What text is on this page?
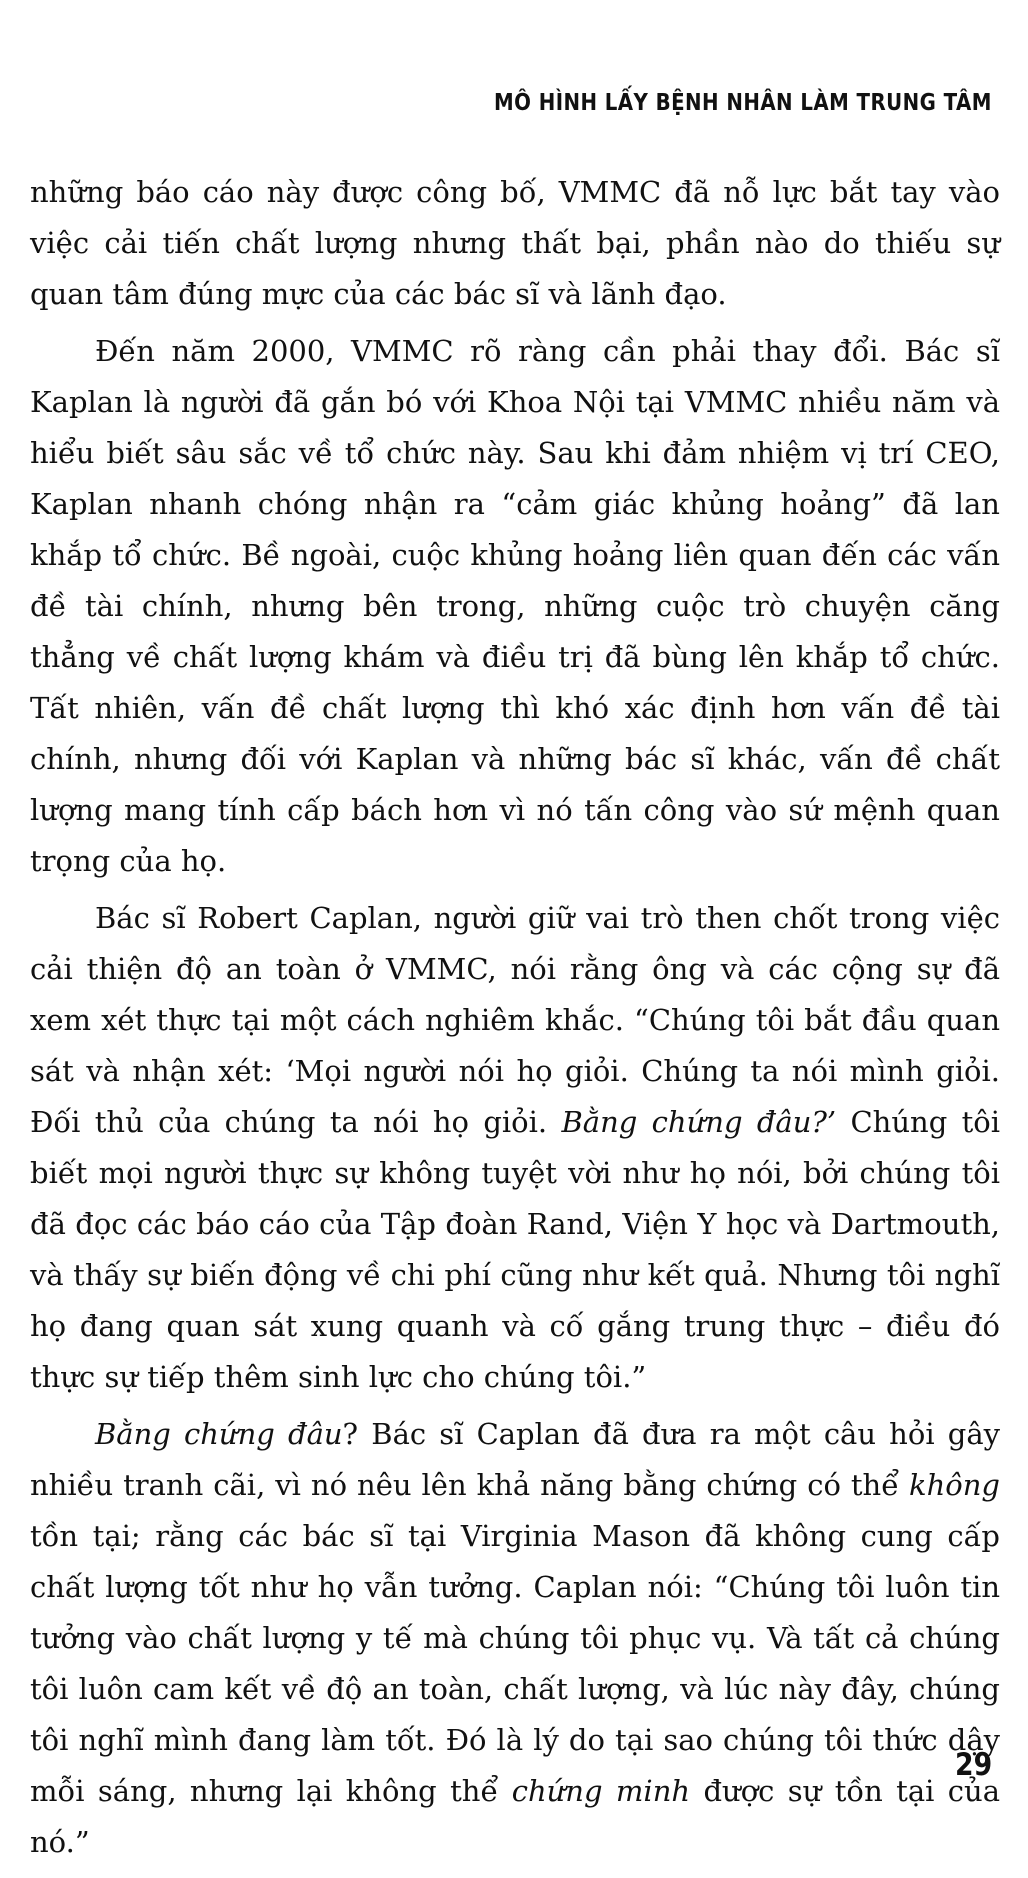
MÔ HÌNH LẤY BỆNH NHÂN LÀM TRUNG TÂM

những báo cáo này được công bố, VMMC đã nỗ lực bắt tay vào việc cải tiến chất lượng nhưng thất bại, phần nào do thiếu sự quan tâm đúng mực của các bác sĩ và lãnh đạo.

Đến năm 2000, VMMC rõ ràng cần phải thay đổi. Bác sĩ Kaplan là người đã gắn bó với Khoa Nội tại VMMC nhiều năm và hiểu biết sâu sắc về tổ chức này. Sau khi đảm nhiệm vị trí CEO, Kaplan nhanh chóng nhận ra “cảm giác khủng hoảng” đã lan khắp tổ chức. Bề ngoài, cuộc khủng hoảng liên quan đến các vấn đề tài chính, nhưng bên trong, những cuộc trò chuyện căng thẳng về chất lượng khám và điều trị đã bùng lên khắp tổ chức. Tất nhiên, vấn đề chất lượng thì khó xác định hơn vấn đề tài chính, nhưng đối với Kaplan và những bác sĩ khác, vấn đề chất lượng mang tính cấp bách hơn vì nó tấn công vào sứ mệnh quan trọng của họ.

Bác sĩ Robert Caplan, người giữ vai trò then chốt trong việc cải thiện độ an toàn ở VMMC, nói rằng ông và các cộng sự đã xem xét thực tại một cách nghiêm khắc. “Chúng tôi bắt đầu quan sát và nhận xét: ‘Mọi người nói họ giỏi. Chúng ta nói mình giỏi. Đối thủ của chúng ta nói họ giỏi. Bằng chứng đâu?’ Chúng tôi biết mọi người thực sự không tuyệt vời như họ nói, bởi chúng tôi đã đọc các báo cáo của Tập đoàn Rand, Viện Y học và Dartmouth, và thấy sự biến động về chi phí cũng như kết quả. Nhưng tôi nghĩ họ đang quan sát xung quanh và cố gắng trung thực – điều đó thực sự tiếp thêm sinh lực cho chúng tôi.”

Bằng chứng đâu? Bác sĩ Caplan đã đưa ra một câu hỏi gây nhiều tranh cãi, vì nó nêu lên khả năng bằng chứng có thể không tồn tại; rằng các bác sĩ tại Virginia Mason đã không cung cấp chất lượng tốt như họ vẫn tưởng. Caplan nói: “Chúng tôi luôn tin tưởng vào chất lượng y tế mà chúng tôi phục vụ. Và tất cả chúng tôi luôn cam kết về độ an toàn, chất lượng, và lúc này đây, chúng tôi nghĩ mình đang làm tốt. Đó là lý do tại sao chúng tôi thức dậy mỗi sáng, nhưng lại không thể chứng minh được sự tồn tại của nó.”

29
